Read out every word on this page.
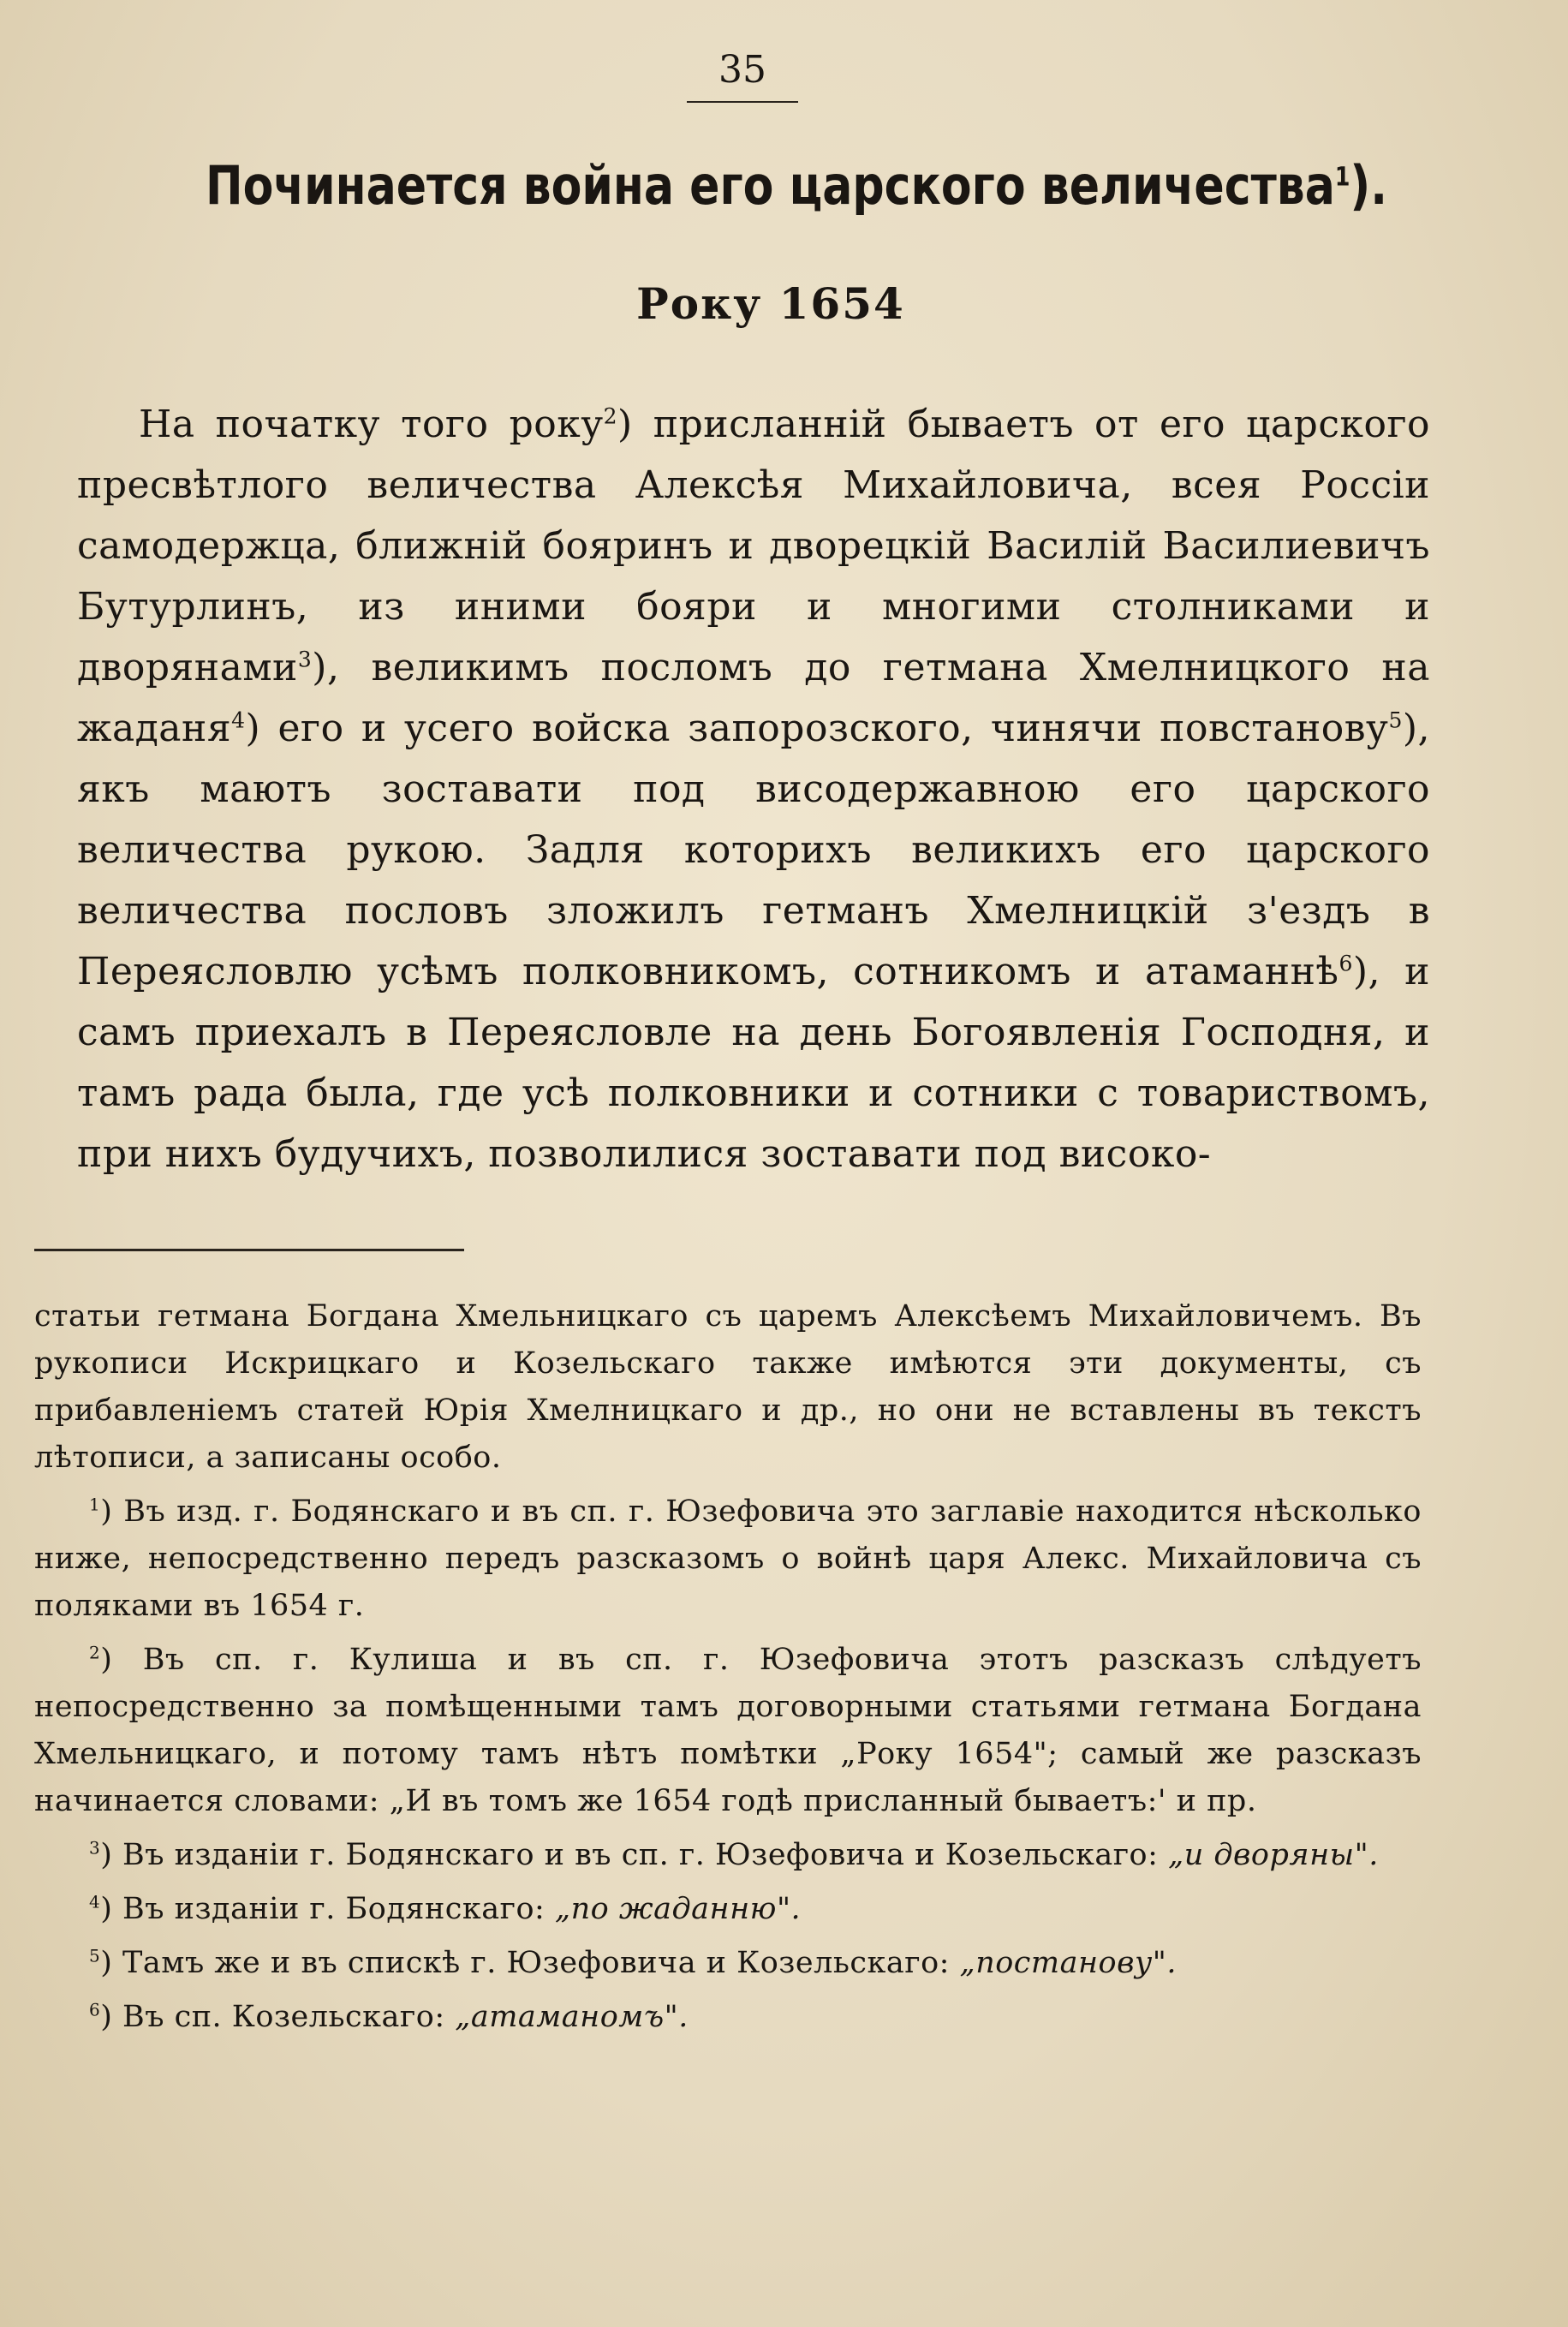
35
Починается война его царского величества$^1$).
Року 1654

На початку того року$^2$) присланній бываетъ от его царского пресвѣтлого величества Алексѣя Михайловича, всея Россіи самодержца, ближній бояринъ и дворецкій Василій Василиевичъ Бутурлинъ, из иними бояри и многими столниками и дворянами$^3$), великимъ посломъ до гетмана Хмелницкого на жаданя$^4$) его и усего войска запорозского, чинячи повстанову$^5$), якъ маютъ зоставати под висодержавною его царского величества рукою. Задля которихъ великихъ его царского величества пословъ зложилъ гетманъ Хмелницкій з'ездъ в Переясловлю усѣмъ полковникомъ, сотникомъ и атаманнѣ$^6$), и самъ приехалъ в Переясловле на день Богоявленія Господня, и тамъ рада была, где усѣ полковники и сотники с товариствомъ, при нихъ будучихъ, позволилися зоставати под високо-

статьи гетмана Богдана Хмельницкаго съ царемъ Алексѣемъ Михайловичемъ. Въ рукописи Искрицкаго и Козельскаго также имѣются эти документы, съ прибавленіемъ статей Юрія Хмелницкаго и др., но они не вставлены въ текстъ лѣтописи, а записаны особо.

$^1$) Въ изд. г. Бодянскаго и въ сп. г. Юзефовича это заглавіе находится нѣсколько ниже, непосредственно передъ разсказомъ о войнѣ царя Алекс. Михайловича съ поляками въ 1654 г.

$^2$) Въ сп. г. Кулиша и въ сп. г. Юзефовича этотъ разсказъ слѣдуетъ непосредственно за помѣщенными тамъ договорными статьями гетмана Богдана Хмельницкаго, и потому тамъ нѣтъ помѣтки „Року 1654"; самый же разсказъ начинается словами: „И въ томъ же 1654 годѣ присланный бываетъ:' и пр.

$^3$) Въ изданіи г. Бодянскаго и въ сп. г. Юзефовича и Козельскаго: „и дворяны".

$^4$) Въ изданіи г. Бодянскаго: „по жаданню".

$^5$) Тамъ же и въ спискѣ г. Юзефовича и Козельскаго: „постанову".

$^6$) Въ сп. Козельскаго: „атаманомъ".
